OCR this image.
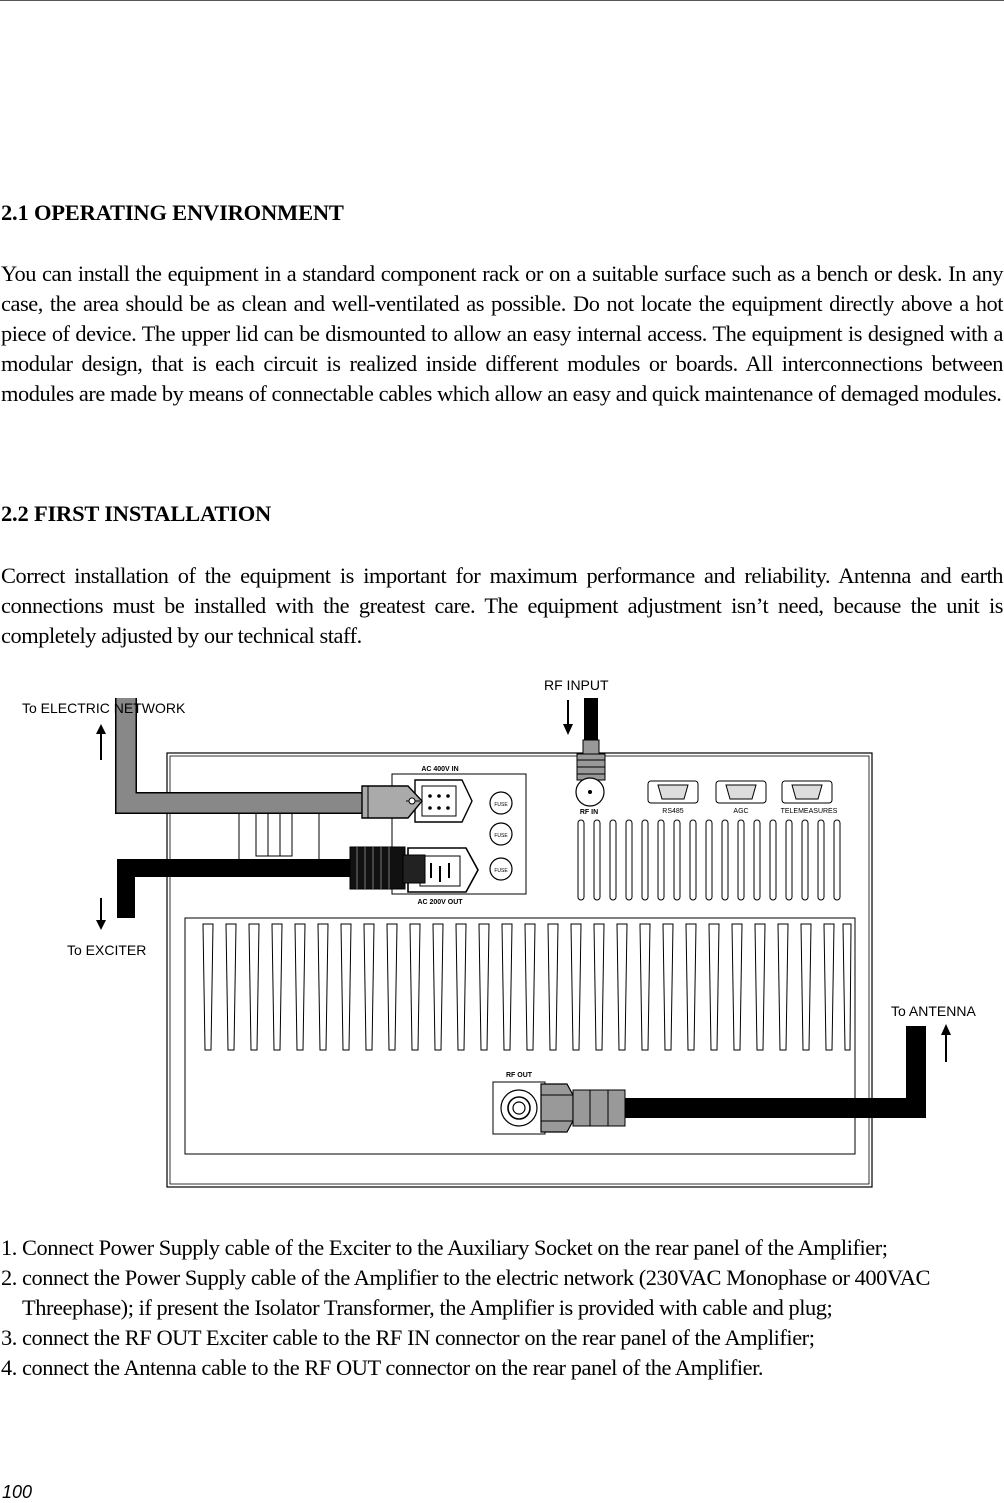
2.1 OPERATING ENVIRONMENT

You can install the equipment in a standard component rack or on a suitable surface such as a bench or desk. In any case, the area should be as clean and well-ventilated as possible. Do not locate the equipment directly above a hot piece of device. The upper lid can be dismounted to allow an easy internal access. The equipment is designed with a modular design, that is each circuit is realized inside different modules or boards. All interconnections between modules are made by means of connectable cables which allow an easy and quick maintenance of demaged modules.

2.2 FIRST INSTALLATION

Correct installation of the equipment is important for maximum performance and reliability. Antenna and earth connections must be installed with the greatest care. The equipment adjustment isn’t need, because the unit is completely adjusted by our technical staff.

AC 400V IN
AC 200V OUT
FUSE
FUSE
FUSE
RF INPUT
To ELECTRIC NETWORK
To EXCITER
To ANTENNA
RF IN	RS485	AGC	TELEMEASURES
RF OUT
1. Connect Power Supply cable of the Exciter to the Auxiliary Socket on the rear panel of the Amplifier;
2. connect the Power Supply cable of the Amplifier to the electric network (230VAC Monophase or 400VAC Threephase); if present the Isolator Transformer, the Amplifier is provided with cable and plug;
3. connect the RF OUT Exciter cable to the RF IN connector on the rear panel of the Amplifier;
4. connect the Antenna cable to the RF OUT connector on the rear panel of the Amplifier.
100
